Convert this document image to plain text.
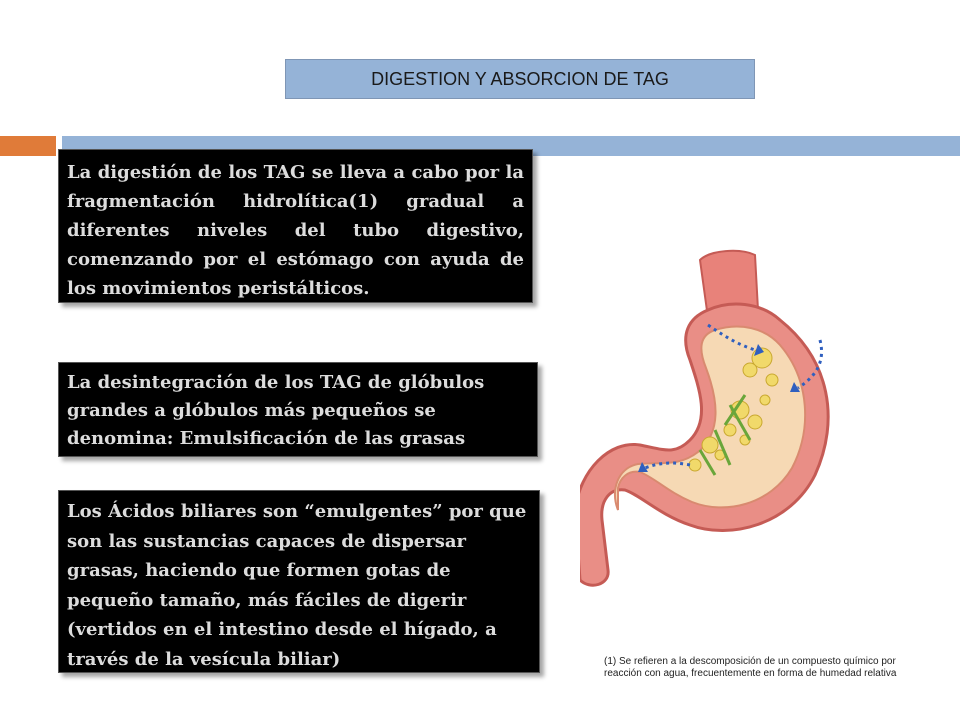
DIGESTION Y ABSORCION DE TAG
La digestión de los TAG se lleva a cabo por la fragmentación hidrolítica(1) gradual a diferentes niveles del tubo digestivo, comenzando por el estómago con ayuda de los movimientos peristálticos.
La desintegración de los TAG de glóbulos grandes a glóbulos más pequeños se denomina: Emulsificación de las grasas
Los Ácidos biliares son “emulgentes” por que son las sustancias capaces de dispersar grasas, haciendo que formen gotas de pequeño tamaño, más fáciles de digerir (vertidos en el intestino desde el hígado, a través de la vesícula biliar)	(1) Se refieren a la descomposición de un compuesto químico por reacción con agua, frecuentemente en forma de humedad relativa
